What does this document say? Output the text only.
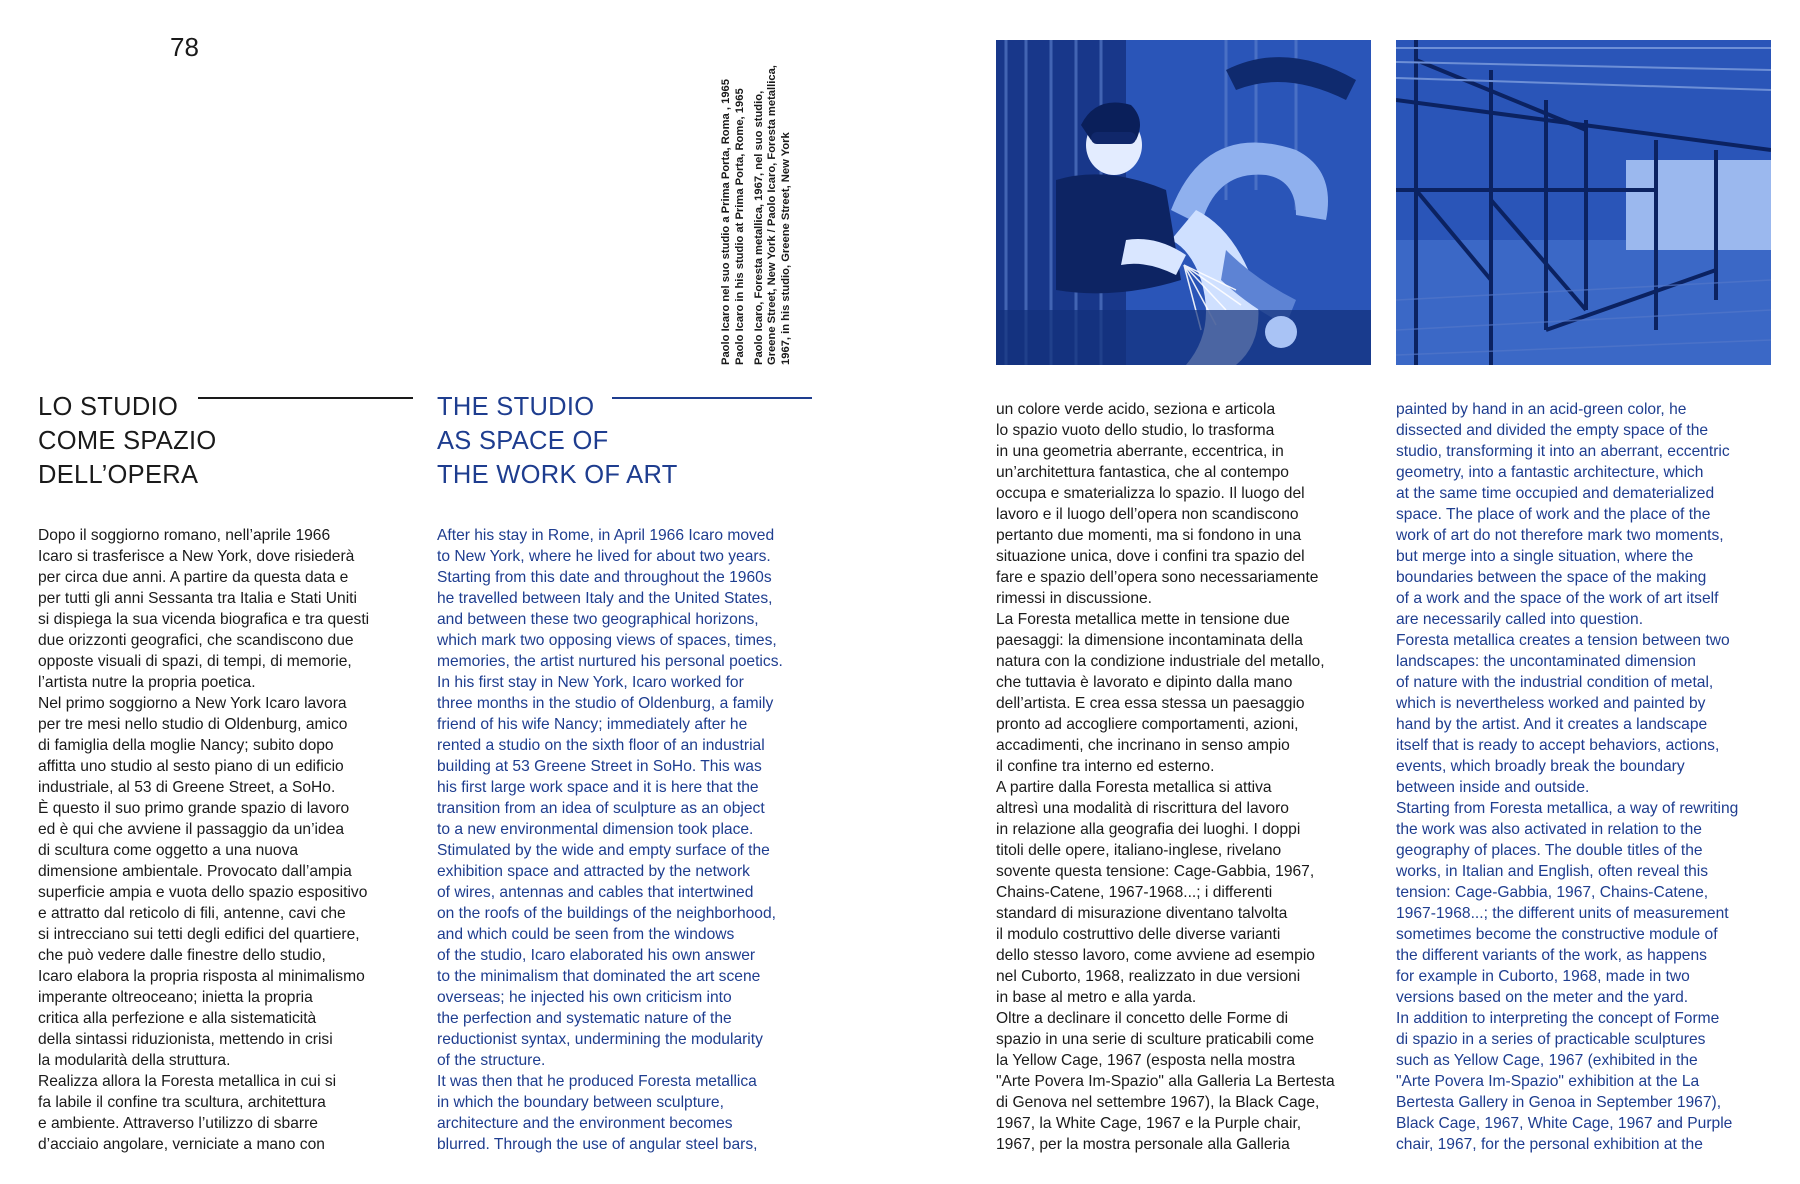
78

Paolo Icaro nel suo studio a Prima Porta, Roma , 1965
Paolo Icaro in his studio at Prima Porta, Rome, 1965 Paolo Icaro, Foresta metallica, 1967, nel suo studio, Greene Street, New York / Paolo Icaro, Foresta metallica, 1967, in his studio, Greene Street, New York

LO STUDIO
COME SPAZIO
DELL’OPERA
THE STUDIO
AS SPACE OF
THE WORK OF ART
Dopo il soggiorno romano, nell’aprile 1966
Icaro si trasferisce a New York, dove risiederà
per circa due anni. A partire da questa data e
per tutti gli anni Sessanta tra Italia e Stati Uniti
si dispiega la sua vicenda biografica e tra questi
due orizzonti geografici, che scandiscono due
opposte visuali di spazi, di tempi, di memorie,
l’artista nutre la propria poetica.
Nel primo soggiorno a New York Icaro lavora
per tre mesi nello studio di Oldenburg, amico
di famiglia della moglie Nancy; subito dopo
affitta uno studio al sesto piano di un edificio
industriale, al 53 di Greene Street, a SoHo.
È questo il suo primo grande spazio di lavoro
ed è qui che avviene il passaggio da un’idea
di scultura come oggetto a una nuova
dimensione ambientale. Provocato dall’ampia
superficie ampia e vuota dello spazio espositivo
e attratto dal reticolo di fili, antenne, cavi che
si intrecciano sui tetti degli edifici del quartiere,
che può vedere dalle finestre dello studio,
Icaro elabora la propria risposta al minimalismo
imperante oltreoceano; inietta la propria
critica alla perfezione e alla sistematicità
della sintassi riduzionista, mettendo in crisi
la modularità della struttura.
Realizza allora la Foresta metallica in cui si
fa labile il confine tra scultura, architettura
e ambiente. Attraverso l’utilizzo di sbarre
d’acciaio angolare, verniciate a mano con
After his stay in Rome, in April 1966 Icaro moved
to New York, where he lived for about two years.
Starting from this date and throughout the 1960s
he travelled between Italy and the United States,
and between these two geographical horizons,
which mark two opposing views of spaces, times,
memories, the artist nurtured his personal poetics.
In his first stay in New York, Icaro worked for
three months in the studio of Oldenburg, a family
friend of his wife Nancy; immediately after he
rented a studio on the sixth floor of an industrial
building at 53 Greene Street in SoHo. This was
his first large work space and it is here that the
transition from an idea of sculpture as an object
to a new environmental dimension took place.
Stimulated by the wide and empty surface of the
exhibition space and attracted by the network
of wires, antennas and cables that intertwined
on the roofs of the buildings of the neighborhood,
and which could be seen from the windows
of the studio, Icaro elaborated his own answer
to the minimalism that dominated the art scene
overseas; he injected his own criticism into
the perfection and systematic nature of the
reductionist syntax, undermining the modularity
of the structure.
It was then that he produced Foresta metallica
in which the boundary between sculpture,
architecture and the environment becomes
blurred. Through the use of angular steel bars,
un colore verde acido, seziona e articola
lo spazio vuoto dello studio, lo trasforma
in una geometria aberrante, eccentrica, in
un’architettura fantastica, che al contempo
occupa e smaterializza lo spazio. Il luogo del
lavoro e il luogo dell’opera non scandiscono
pertanto due momenti, ma si fondono in una
situazione unica, dove i confini tra spazio del
fare e spazio dell’opera sono necessariamente
rimessi in discussione.
La Foresta metallica mette in tensione due
paesaggi: la dimensione incontaminata della
natura con la condizione industriale del metallo,
che tuttavia è lavorato e dipinto dalla mano
dell’artista. E crea essa stessa un paesaggio
pronto ad accogliere comportamenti, azioni,
accadimenti, che incrinano in senso ampio
il confine tra interno ed esterno.
A partire dalla Foresta metallica si attiva
altresì una modalità di riscrittura del lavoro
in relazione alla geografia dei luoghi. I doppi
titoli delle opere, italiano-inglese, rivelano
sovente questa tensione: Cage-Gabbia, 1967,
Chains-Catene, 1967-1968...; i differenti
standard di misurazione diventano talvolta
il modulo costruttivo delle diverse varianti
dello stesso lavoro, come avviene ad esempio
nel Cuborto, 1968, realizzato in due versioni
in base al metro e alla yarda.
Oltre a declinare il concetto delle Forme di
spazio in una serie di sculture praticabili come
la Yellow Cage, 1967 (esposta nella mostra
"Arte Povera Im-Spazio" alla Galleria La Bertesta
di Genova nel settembre 1967), la Black Cage,
1967, la White Cage, 1967 e la Purple chair,
1967, per la mostra personale alla Galleria
painted by hand in an acid-green color, he
dissected and divided the empty space of the
studio, transforming it into an aberrant, eccentric
geometry, into a fantastic architecture, which
at the same time occupied and dematerialized
space. The place of work and the place of the
work of art do not therefore mark two moments,
but merge into a single situation, where the
boundaries between the space of the making
of a work and the space of the work of art itself
are necessarily called into question.
Foresta metallica creates a tension between two
landscapes: the uncontaminated dimension
of nature with the industrial condition of metal,
which is nevertheless worked and painted by
hand by the artist. And it creates a landscape
itself that is ready to accept behaviors, actions,
events, which broadly break the boundary
between inside and outside.
Starting from Foresta metallica, a way of rewriting
the work was also activated in relation to the
geography of places. The double titles of the
works, in Italian and English, often reveal this
tension: Cage-Gabbia, 1967, Chains-Catene,
1967-1968...; the different units of measurement
sometimes become the constructive module of
the different variants of the work, as happens
for example in Cuborto, 1968, made in two
versions based on the meter and the yard.
In addition to interpreting the concept of Forme
di spazio in a series of practicable sculptures
such as Yellow Cage, 1967 (exhibited in the
"Arte Povera Im-Spazio" exhibition at the La
Bertesta Gallery in Genoa in September 1967),
Black Cage, 1967, White Cage, 1967 and Purple
chair, 1967, for the personal exhibition at the
